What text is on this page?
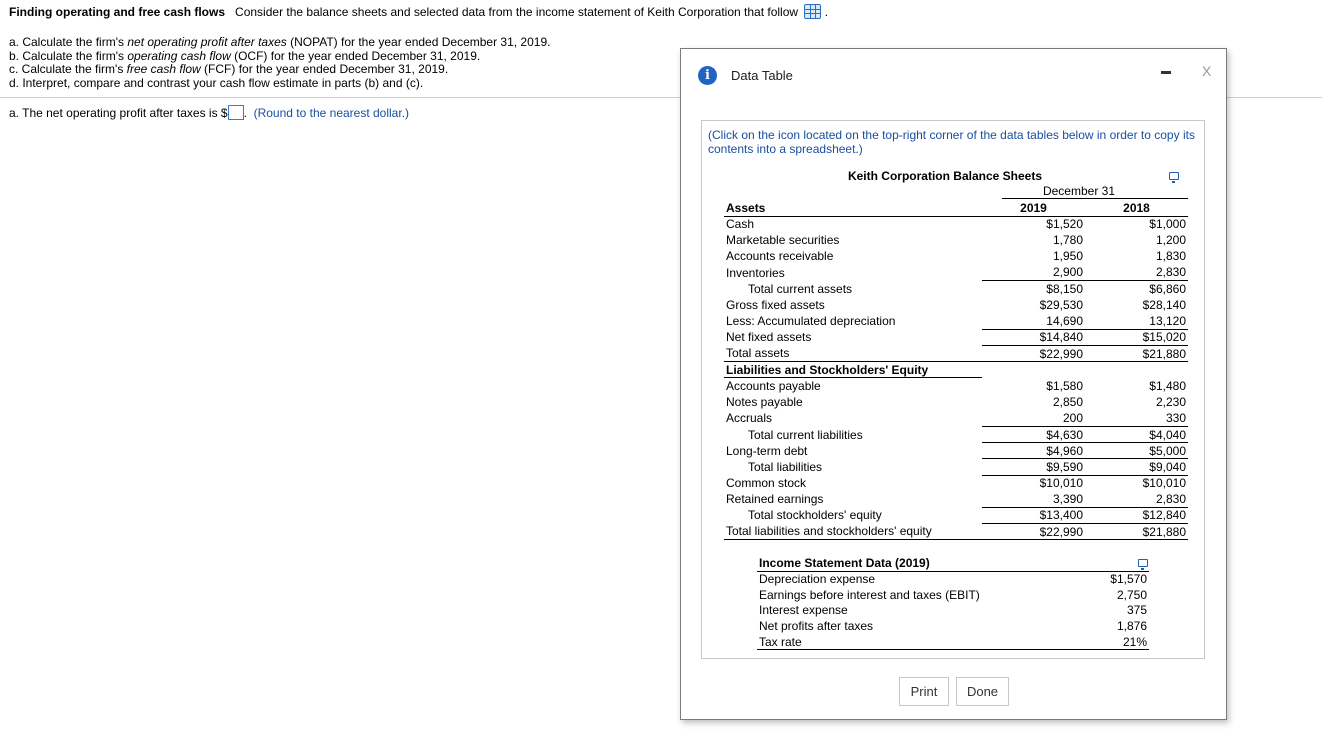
Finding operating and free cash flows Consider the balance sheets and selected data from the income statement of Keith Corporation that follow .
a. Calculate the firm's net operating profit after taxes (NOPAT) for the year ended December 31, 2019.
b. Calculate the firm's operating cash flow (OCF) for the year ended December 31, 2019.
c. Calculate the firm's free cash flow (FCF) for the year ended December 31, 2019.
d. Interpret, compare and contrast your cash flow estimate in parts (b) and (c).
a. The net operating profit after taxes is $ . (Round to the nearest dollar.)
i	Data Table	X
(Click on the icon located on the top-right corner of the data tables below in order to copy its contents into a spreadsheet.)
Keith Corporation Balance Sheets
December 31
Assets	2019	2018
Cash	$1,520	$1,000
Marketable securities	1,780	1,200
Accounts receivable	1,950	1,830
Inventories	2,900	2,830
Total current assets	$8,150	$6,860
Gross fixed assets	$29,530	$28,140
Less: Accumulated depreciation	14,690	13,120
Net fixed assets	$14,840	$15,020
Total assets	$22,990	$21,880
Liabilities and Stockholders' Equity		
Accounts payable	$1,580	$1,480
Notes payable	2,850	2,230
Accruals	200	330
Total current liabilities	$4,630	$4,040
Long-term debt	$4,960	$5,000
Total liabilities	$9,590	$9,040
Common stock	$10,010	$10,010
Retained earnings	3,390	2,830
Total stockholders' equity	$13,400	$12,840
Total liabilities and stockholders' equity	$22,990	$21,880
Income Statement Data (2019)	
Depreciation expense	$1,570
Earnings before interest and taxes (EBIT)	2,750
Interest expense	375
Net profits after taxes	1,876
Tax rate	21%
Print	Done
